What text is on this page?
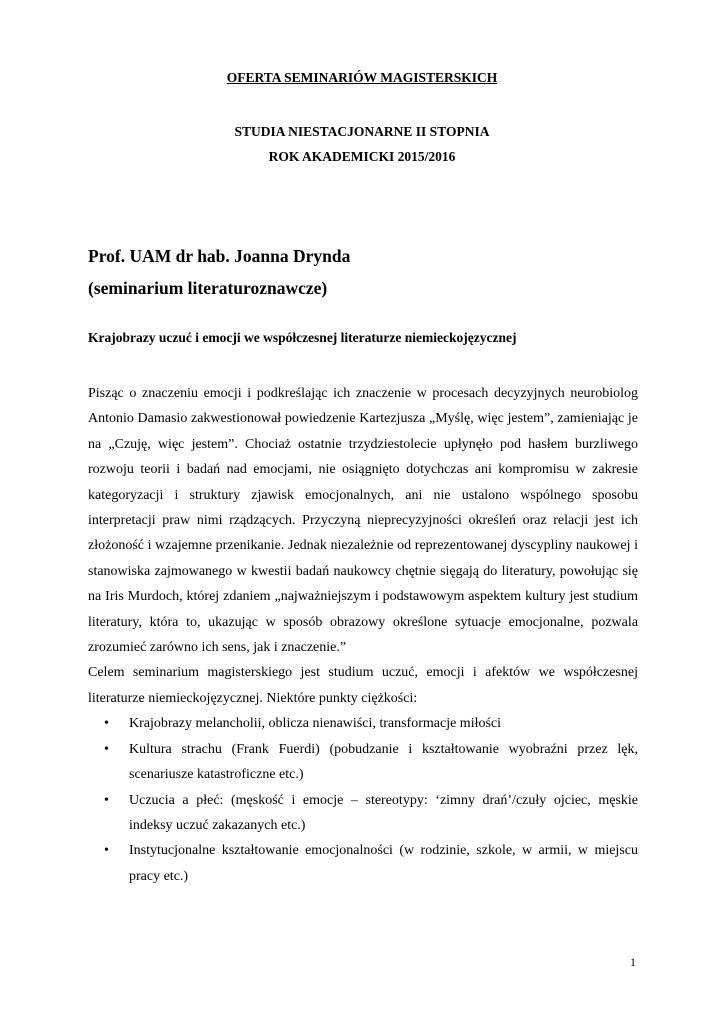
OFERTA SEMINARIÓW MAGISTERSKICH
STUDIA NIESTACJONARNE II STOPNIA
ROK AKADEMICKI 2015/2016
Prof. UAM dr hab. Joanna Drynda
(seminarium literaturoznawcze)
Krajobrazy uczuć i emocji we współczesnej literaturze niemieckojęzycznej

Pisząc o znaczeniu emocji i podkreślając ich znaczenie w procesach decyzyjnych neurobiolog Antonio Damasio zakwestionował powiedzenie Kartezjusza „Myślę, więc jestem”, zamieniając je na „Czuję, więc jestem”. Chociaż ostatnie trzydziestolecie upłynęło pod hasłem burzliwego rozwoju teorii i badań nad emocjami, nie osiągnięto dotychczas ani kompromisu w zakresie kategoryzacji i struktury zjawisk emocjonalnych, ani nie ustalono wspólnego sposobu interpretacji praw nimi rządzących. Przyczyną nieprecyzyjności określeń oraz relacji jest ich złożoność i wzajemne przenikanie. Jednak niezależnie od reprezentowanej dyscypliny naukowej i stanowiska zajmowanego w kwestii badań naukowcy chętnie sięgają do literatury, powołując się na Iris Murdoch, której zdaniem „najważniejszym i podstawowym aspektem kultury jest studium literatury, która to, ukazując w sposób obrazowy określone sytuacje emocjonalne, pozwala zrozumieć zarówno ich sens, jak i znaczenie.”

Celem seminarium magisterskiego jest studium uczuć, emocji i afektów we współczesnej literaturze niemieckojęzycznej. Niektóre punkty ciężkości:

• Krajobrazy melancholii, oblicza nienawiści, transformacje miłości
• Kultura strachu (Frank Fuerdi) (pobudzanie i kształtowanie wyobraźni przez lęk, scenariusze katastroficzne etc.)
• Uczucia a płeć: (męskość i emocje – stereotypy: ‘zimny drań’/czuły ojciec, męskie indeksy uczuć zakazanych etc.)
• Instytucjonalne kształtowanie emocjonalności (w rodzinie, szkole, w armii, w miejscu pracy etc.)
1
